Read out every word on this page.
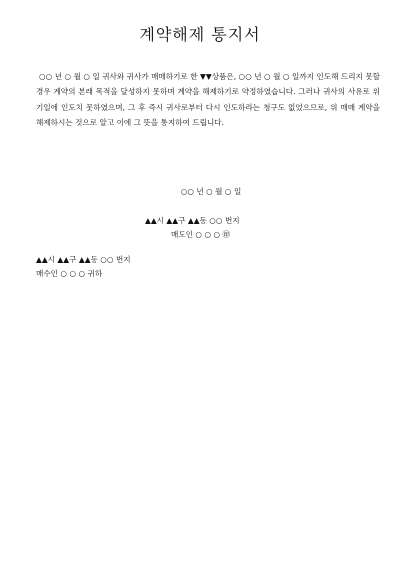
계약해제 통지서

○○ 년 ○ 월 ○ 일 귀사와 귀사가 매매하기로 한 ▼▼상품은, ○○ 년 ○ 월 ○ 일까지 인도해 드리지 못할 경우 계약의 본래 목적을 달성하지 못하며 계약을 해제하기로 약정하였습니다. 그러나 귀사의 사유로 위 기일에 인도치 못하였으며, 그 후 즉시 귀사로부터 다시 인도하라는 청구도 없었으므로, 위 매매 계약을 해제하시는 것으로 알고 이에 그 뜻을 통지하여 드립니다.

○○ 년 ○ 월 ○ 일
▲▲시 ▲▲구 ▲▲동 ○○ 번지
매도인 ○ ○ ○ ㊞
▲▲시 ▲▲구 ▲▲동 ○○ 번지
매수인 ○ ○ ○ 귀하
